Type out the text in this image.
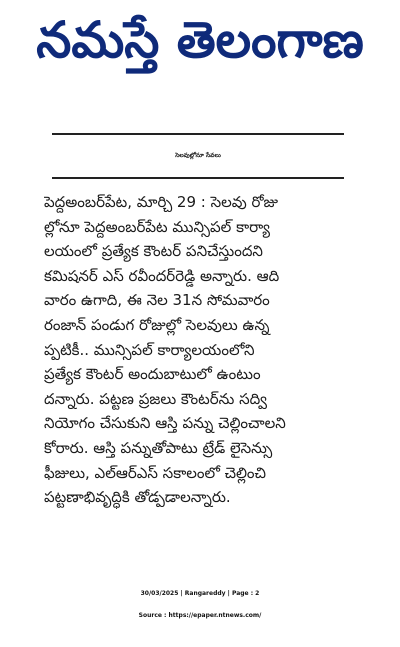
నమస్తే తెలంగాణ
సెలవుల్లోనూ సేవలు
పెద్దఅంబర్‌పేట, మార్చి 29 : సెలవు రోజు
ల్లోనూ పెద్దఅంబర్‌పేట మున్సిపల్ కార్యా
లయంలో ప్రత్యేక కౌంటర్ పనిచేస్తుందని
కమిషనర్ ఎస్ రవీందర్‌రెడ్డి అన్నారు. ఆది
వారం ఉగాది, ఈ నెల 31న సోమవారం
రంజాన్ పండుగ రోజుల్లో సెలవులు ఉన్న
ప్పటికీ.. మున్సిపల్ కార్యాలయంలోని
ప్రత్యేక కౌంటర్ అందుబాటులో ఉంటుం
దన్నారు. పట్టణ ప్రజలు కౌంటర్‌ను సద్వి
నియోగం చేసుకుని ఆస్తి పన్ను చెల్లించాలని
కోరారు. ఆస్తి పన్నుతోపాటు ట్రేడ్ లైసెన్సు
ఫీజులు, ఎల్‌ఆర్‌ఎస్ సకాలంలో చెల్లించి
పట్టణాభివృద్ధికి తోడ్పడాలన్నారు.
30/03/2025 | Rangareddy | Page : 2
Source : https://epaper.ntnews.com/
